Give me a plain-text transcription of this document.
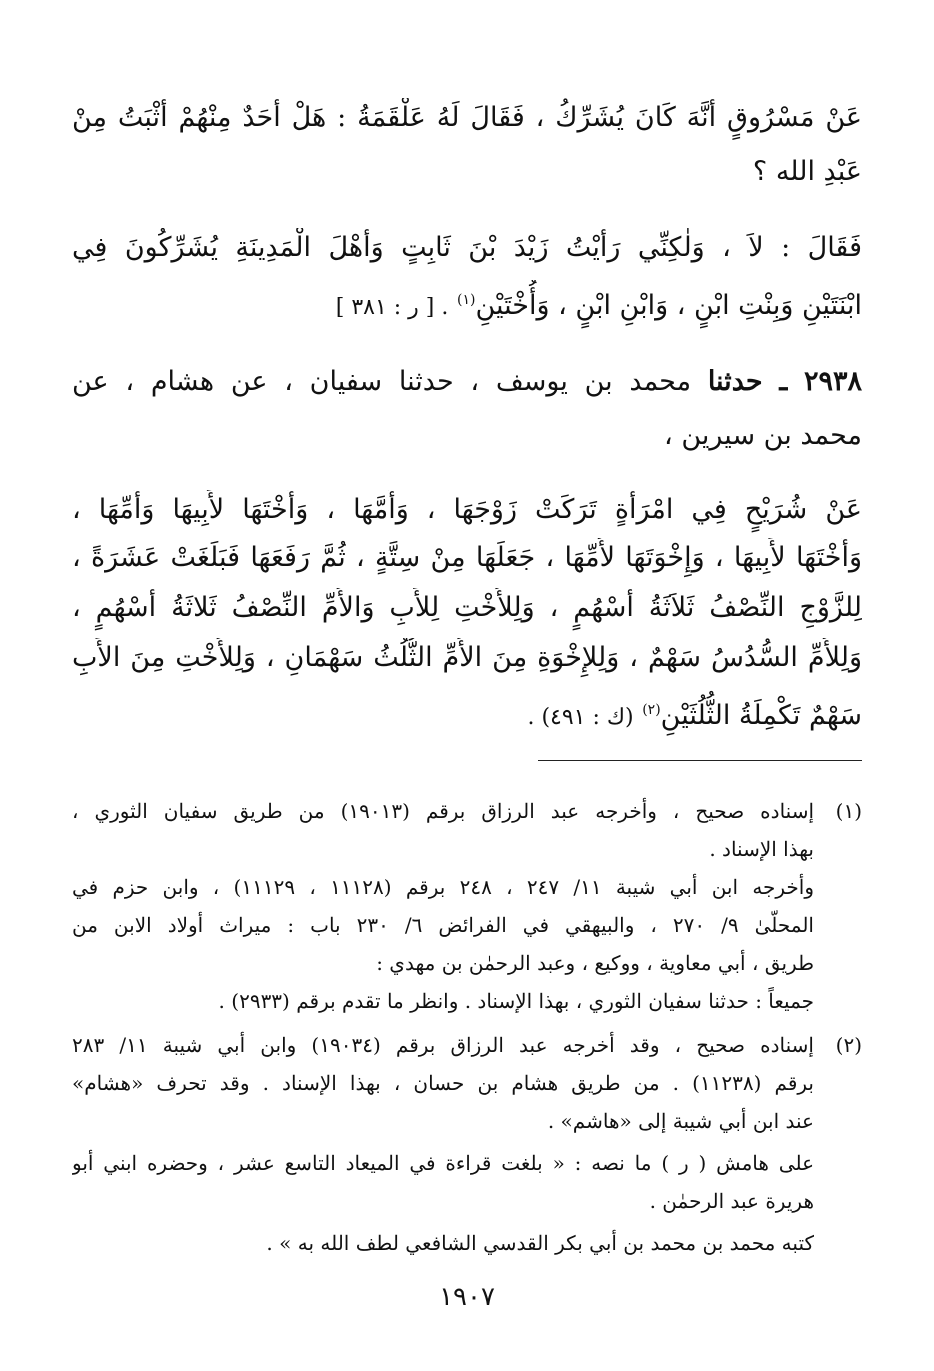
عَنْ مَسْرُوقٍ أَنَّهَ كَانَ يُشَرِّكُ ، فَقَالَ لَهُ عَلْقَمَةُ : هَلْ أَحَدٌ مِنْهُمْ أَثْبَتُ مِنْ
عَبْدِ الله ؟
فَقَالَ : لاَ ، وَلٰكِنِّي رَأَيْتُ زَيْدَ بْنَ ثَابِتٍ وَأَهْلَ الْمَدِينَةِ يُشَرِّكُونَ فِي
ابْنَتَيْنِ وَبِنْتِ ابْنٍ ، وَابْنِ ابْنٍ ، وَأُخْتَيْنِ$^{(١)}$ . [ ر : ٣٨١ ]
٢٩٣٨ ـ حدثنا محمد بن يوسف ، حدثنا سفيان ، عن هشام ، عن
محمد بن سيرين ،
عَنْ شُرَيْحٍ فِي امْرَأَةٍ تَرَكَتْ زَوْجَهَا ، وَأُمَّهَا ، وَأُخْتَهَا لأَبِيهَا وَأُمِّهَا ،
وَأُخْتَهَا لأَبِيهَا ، وَإِخْوَتَهَا لأُمِّهَا ، جَعَلَهَا مِنْ سِتَّةٍ ، ثُمَّ رَفَعَهَا فَبَلَغَتْ عَشَرَةً ،
لِلزَّوْجِ النِّصْفُ ثَلاَثَةُ أَسْهُمٍ ، وَلِلأُخْتِ لِلأَبِ وَالأُمِّ النِّصْفُ ثَلاثَةُ أَسْهُمٍ ،
وَلِلأُمِّ السُّدُسُ سَهْمٌ ، وَلِلإِخْوَةِ مِنَ الأُمِّ الثُّلُثُ سَهْمَانِ ، وَلِلأُخْتِ مِنَ الأَبِ
سَهْمٌ تَكْمِلَةُ الثُّلُثَيْنِ$^{(٢)}$ (ك : ٤٩١) .
(١)
إسناده صحيح ، وأخرجه عبد الرزاق برقم (١٩٠١٣) من طريق سفيان الثوري ،
بهذا الإسناد .
وأخرجه ابن أبي شيبة ١١/ ٢٤٧ ، ٢٤٨ برقم (١١١٢٨ ، ١١١٢٩) ، وابن حزم في
المحلّىٰ ٩/ ٢٧٠ ، والبيهقي في الفرائض ٦/ ٢٣٠ باب : ميراث أولاد الابن من
طريق ، أبي معاوية ، ووكيع ، وعبد الرحمٰن بن مهدي :
جميعاً : حدثنا سفيان الثوري ، بهذا الإسناد . وانظر ما تقدم برقم (٢٩٣٣) .
(٢)
إسناده صحيح ، وقد أخرجه عبد الرزاق برقم (١٩٠٣٤) وابن أبي شيبة ١١/ ٢٨٣
برقم (١١٢٣٨) . من طريق هشام بن حسان ، بهذا الإسناد . وقد تحرف «هشام»
عند ابن أبي شيبة إلى «هاشم» .
على هامش ( ر ) ما نصه : « بلغت قراءة في الميعاد التاسع عشر ، وحضره ابني أبو
هريرة عبد الرحمٰن .
كتبه محمد بن محمد بن أبي بكر القدسي الشافعي لطف الله به » .
١٩٠٧
